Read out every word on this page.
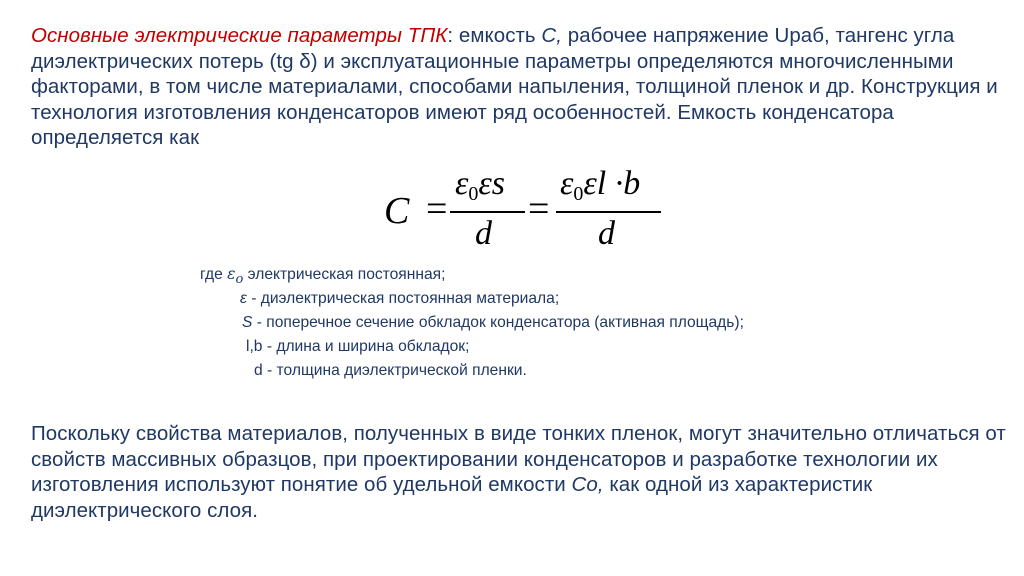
Основные электрические параметры ТПК: емкость С, рабочее напряжение Uраб, тангенс угла диэлектрических потерь (tg δ) и эксплуатационные параметры определяются многочисленными факторами, в том числе материалами, способами напыления, толщиной пленок и др. Конструкция и технология изготовления конденсаторов имеют ряд особенностей. Емкость конденсатора определяется как
C =
$\varepsilon_0\varepsilon s$
d
=
$\varepsilon_0\varepsilon l \cdot b$
d
где $\varepsilon_о$ электрическая постоянная;
ε - диэлектрическая постоянная материала;
S - поперечное сечение обкладок конденсатора (активная площадь);
l,b - длина и ширина обкладок;
d - толщина диэлектрической пленки.
Поскольку свойства материалов, полученных в виде тонких пленок, могут значительно отличаться от свойств массивных образцов, при проектировании конденсаторов и разработке технологии их изготовления используют понятие об удельной емкости Со, как одной из характеристик диэлектрического слоя.
